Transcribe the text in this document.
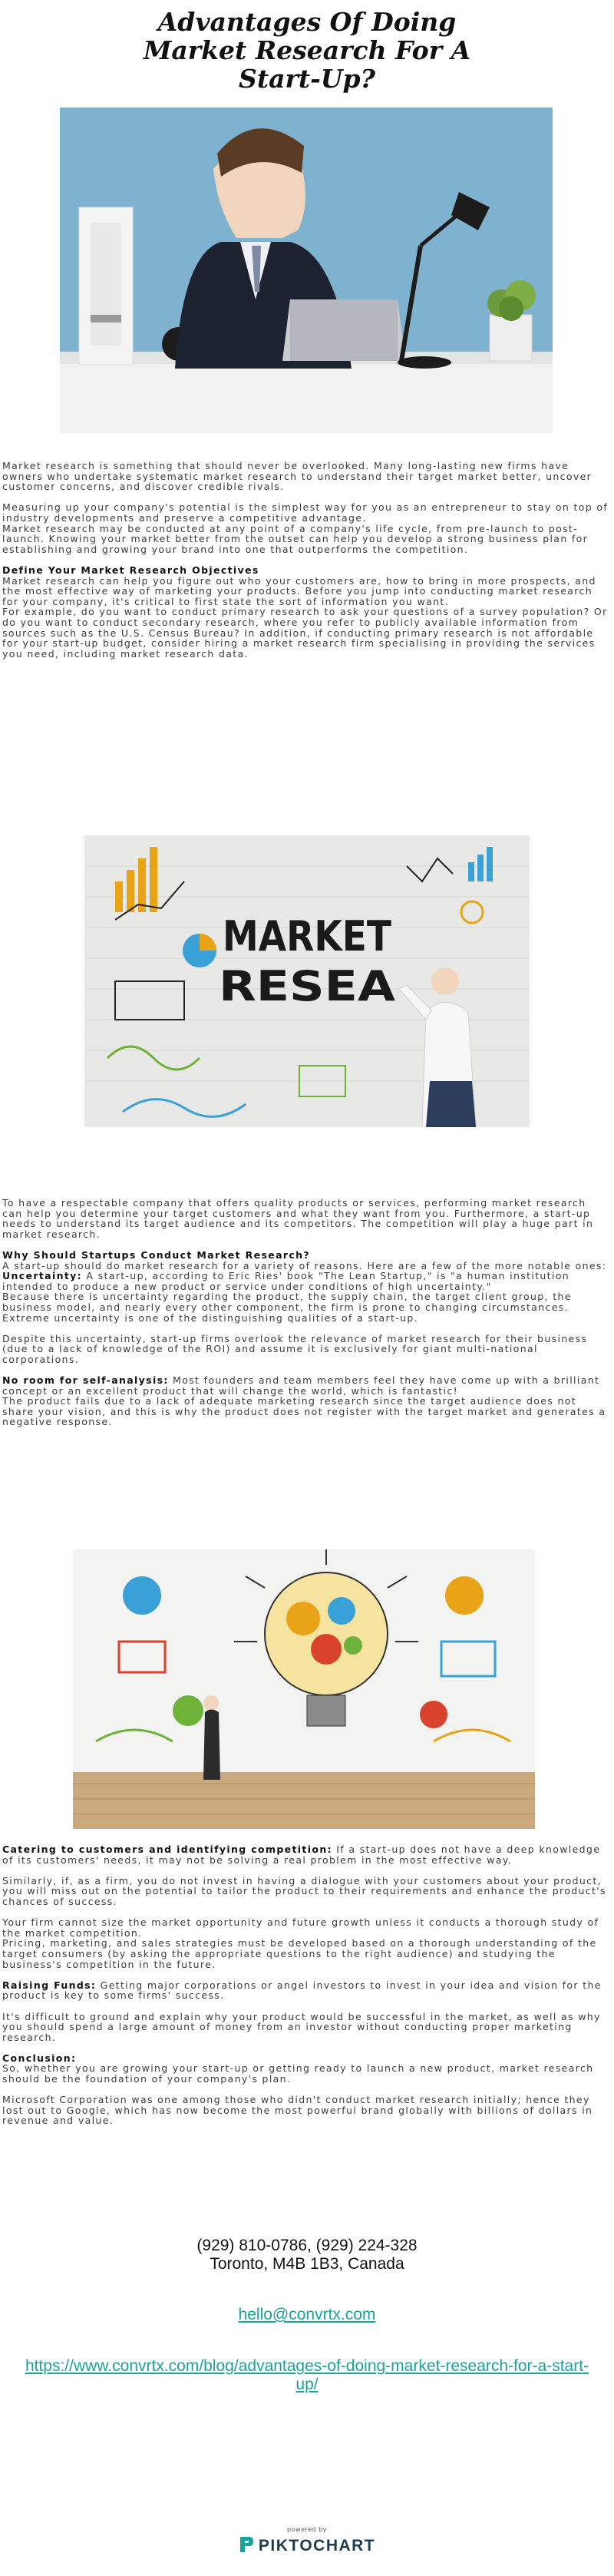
Advantages Of Doing
Market Research For A
Start-Up?

Market research is something that should never be overlooked. Many long-lasting new firms have owners who undertake systematic market research to understand their target market better, uncover customer concerns, and discover credible rivals.

Measuring up your company's potential is the simplest way for you as an entrepreneur to stay on top of industry developments and preserve a competitive advantage.

Market research may be conducted at any point of a company's life cycle, from pre-launch to post-launch. Knowing your market better from the outset can help you develop a strong business plan for establishing and growing your brand into one that outperforms the competition.

Define Your Market Research Objectives

Market research can help you figure out who your customers are, how to bring in more prospects, and the most effective way of marketing your products. Before you jump into conducting market research for your company, it's critical to first state the sort of information you want.

For example, do you want to conduct primary research to ask your questions of a survey population? Or do you want to conduct secondary research, where you refer to publicly available information from sources such as the U.S. Census Bureau? In addition, if conducting primary research is not affordable for your start-up budget, consider hiring a market research firm specialising in providing the services you need, including market research data.

MARKET
RESEA

To have a respectable company that offers quality products or services, performing market research can help you determine your target customers and what they want from you. Furthermore, a start-up needs to understand its target audience and its competitors. The competition will play a huge part in market research.

Why Should Startups Conduct Market Research?

A start-up should do market research for a variety of reasons. Here are a few of the more notable ones:

Uncertainty: A start-up, according to Eric Ries' book "The Lean Startup," is "a human institution intended to produce a new product or service under conditions of high uncertainty."

Because there is uncertainty regarding the product, the supply chain, the target client group, the business model, and nearly every other component, the firm is prone to changing circumstances. Extreme uncertainty is one of the distinguishing qualities of a start-up.

Despite this uncertainty, start-up firms overlook the relevance of market research for their business (due to a lack of knowledge of the ROI) and assume it is exclusively for giant multi-national corporations.

No room for self-analysis: Most founders and team members feel they have come up with a brilliant concept or an excellent product that will change the world, which is fantastic!

The product fails due to a lack of adequate marketing research since the target audience does not share your vision, and this is why the product does not register with the target market and generates a negative response.

Catering to customers and identifying competition: If a start-up does not have a deep knowledge of its customers' needs, it may not be solving a real problem in the most effective way.

Similarly, if, as a firm, you do not invest in having a dialogue with your customers about your product, you will miss out on the potential to tailor the product to their requirements and enhance the product's chances of success.

Your firm cannot size the market opportunity and future growth unless it conducts a thorough study of the market competition.

Pricing, marketing, and sales strategies must be developed based on a thorough understanding of the target consumers (by asking the appropriate questions to the right audience) and studying the business's competition in the future.

Raising Funds: Getting major corporations or angel investors to invest in your idea and vision for the product is key to some firms' success.

It's difficult to ground and explain why your product would be successful in the market, as well as why you should spend a large amount of money from an investor without conducting proper marketing research.

Conclusion:

So, whether you are growing your start-up or getting ready to launch a new product, market research should be the foundation of your company's plan.

Microsoft Corporation was one among those who didn't conduct market research initially; hence they lost out to Google, which has now become the most powerful brand globally with billions of dollars in revenue and value.

(929) 810-0786, (929) 224-328
Toronto, M4B 1B3, Canada
hello@convrtx.com
https://www.convrtx.com/blog/advantages-of-doing-market-research-for-a-start-
up/
powered by
PIKTOCHART
